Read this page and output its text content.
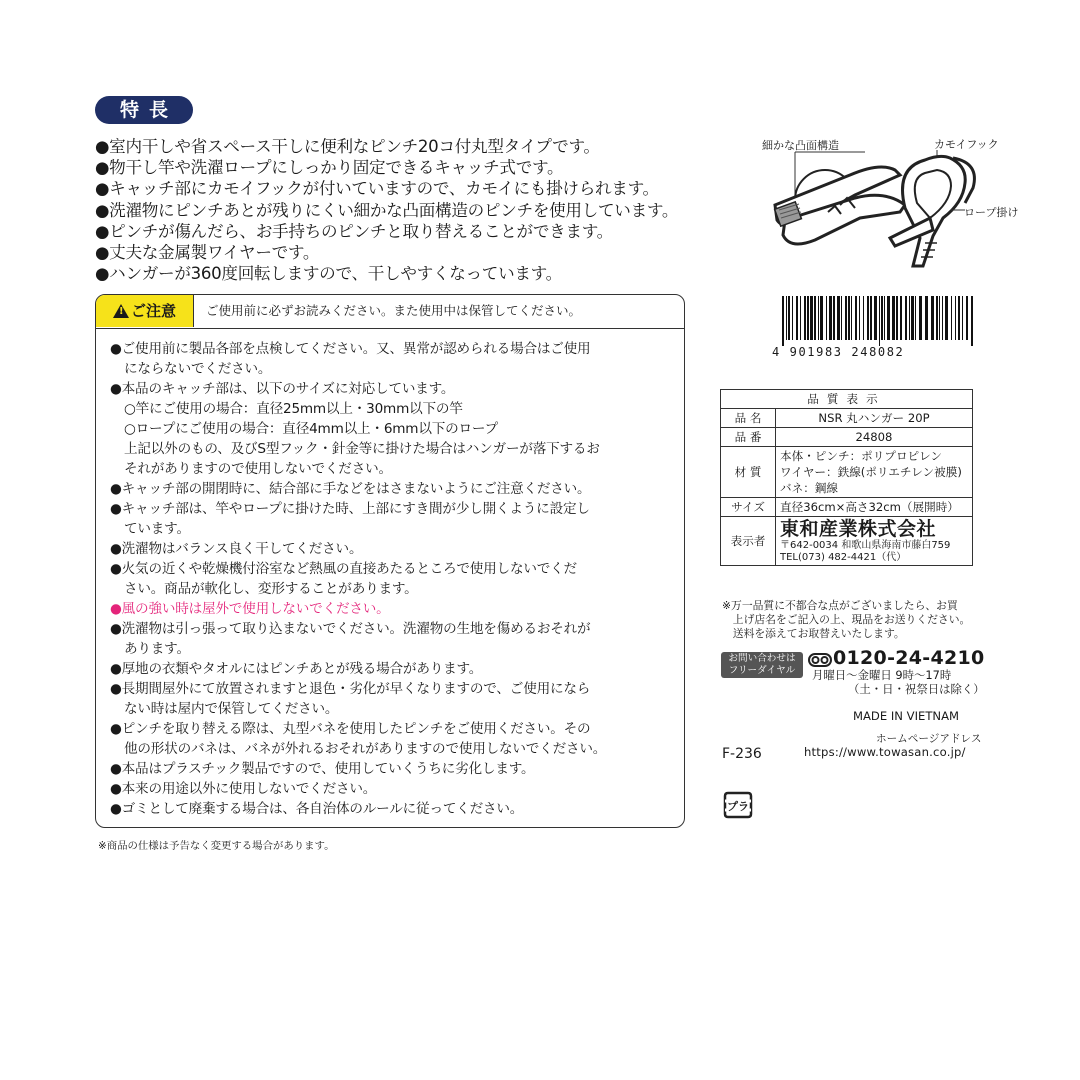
特長
●室内干しや省スペース干しに便利なピンチ20コ付丸型タイプです。
●物干し竿や洗濯ロープにしっかり固定できるキャッチ式です。
●キャッチ部にカモイフックが付いていますので、カモイにも掛けられます。
●洗濯物にピンチあとが残りにくい細かな凸面構造のピンチを使用しています。
●ピンチが傷んだら、お手持ちのピンチと取り替えることができます。
●丈夫な金属製ワイヤーです。
●ハンガーが360度回転しますので、干しやすくなっています。
!ご注意	ご使用前に必ずお読みください。また使用中は保管してください。
●ご使用前に製品各部を点検してください。又、異常が認められる場合はご使用
にならないでください。
●本品のキャッチ部は、以下のサイズに対応しています。
○竿にご使用の場合：直径25mm以上・30mm以下の竿
○ロープにご使用の場合：直径4mm以上・6mm以下のロープ
上記以外のもの、及びS型フック・針金等に掛けた場合はハンガーが落下するお
それがありますので使用しないでください。
●キャッチ部の開閉時に、結合部に手などをはさまないようにご注意ください。
●キャッチ部は、竿やロープに掛けた時、上部にすき間が少し開くように設定し
ています。
●洗濯物はバランス良く干してください。
●火気の近くや乾燥機付浴室など熱風の直接あたるところで使用しないでくだ
さい。商品が軟化し、変形することがあります。
●風の強い時は屋外で使用しないでください。
●洗濯物は引っ張って取り込まないでください。洗濯物の生地を傷めるおそれが
あります。
●厚地の衣類やタオルにはピンチあとが残る場合があります。
●長期間屋外にて放置されますと退色・劣化が早くなりますので、ご使用になら
ない時は屋内で保管してください。
●ピンチを取り替える際は、丸型バネを使用したピンチをご使用ください。その
他の形状のバネは、バネが外れるおそれがありますので使用しないでください。
●本品はプラスチック製品ですので、使用していくうちに劣化します。
●本来の用途以外に使用しないでください。
●ゴミとして廃棄する場合は、各自治体のルールに従ってください。
※商品の仕様は予告なく変更する場合があります。
細かな凸面構造	カモイフック
ロープ掛け
4 901983 248082
品質表示	
品 名	NSR 丸ハンガー 20P
品 番	24808
材 質	本体・ピンチ：ポリプロピレン
ワイヤー：鉄線(ポリエチレン被膜)
バネ：鋼線

サイズ	直径36cm×高さ32cm（展開時）
表示者	東和産業株式会社
〒642-0034 和歌山県海南市藤白759
TEL(073) 482-4421（代）
※万一品質に不都合な点がございましたら、お買
　上げ店名をご記入の上、現品をお送りください。
　送料を添えてお取替えいたします。
お問い合わせは
フリーダイヤル
0120-24-4210
月曜日～金曜日 9時～17時
（土・日・祝祭日は除く）
MADE IN VIETNAM
ホームページアドレス
https://www.towasan.co.jp/
F-236
プラ
